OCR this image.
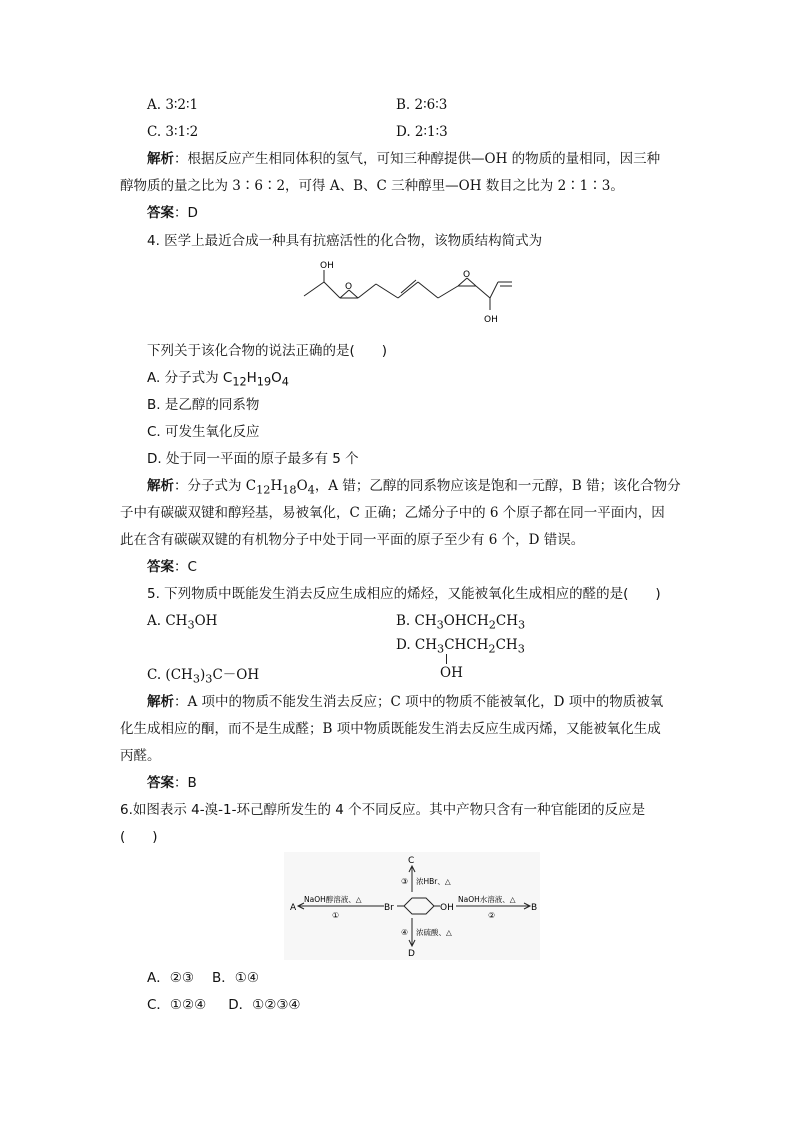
A. 3∶2∶1	B. 2∶6∶3
C. 3∶1∶2	D. 2∶1∶3
解析：根据反应产生相同体积的氢气，可知三种醇提供—OH 的物质的量相同，因三种
醇物质的量之比为 3∶6∶2，可得 A、B、C 三种醇里—OH 数目之比为 2∶1∶3。
答案：D
4. 医学上最近合成一种具有抗癌活性的化合物，该物质结构简式为
OH
O
O
OH
下列关于该化合物的说法正确的是(　　)
A. 分子式为 $C_{12}H_{19}O_4$
B. 是乙醇的同系物
C. 可发生氧化反应
D. 处于同一平面的原子最多有 5 个
解析：分子式为 $C_{12}H_{18}O_4$，A 错；乙醇的同系物应该是饱和一元醇，B 错；该化合物分
子中有碳碳双键和醇羟基，易被氧化，C 正确；乙烯分子中的 6 个原子都在同一平面内，因
此在含有碳碳双键的有机物分子中处于同一平面的原子至少有 6 个，D 错误。
答案：C
5. 下列物质中既能发生消去反应生成相应的烯烃，又能被氧化生成相应的醛的是(　　)
A. $CH_3OH$	B. $CH_3OHCH_2CH_3$
D. $CH_3CHCH_2CH_3$
OH
C. $(CH_3)_3C-OH$
解析：A 项中的物质不能发生消去反应；C 项中的物质不能被氧化，D 项中的物质被氧
化生成相应的酮，而不是生成醛；B 项中物质既能发生消去反应生成丙烯，又能被氧化生成
丙醛。
答案：B
6.如图表示 4-溴-1-环己醇所发生的 4 个不同反应。其中产物只含有一种官能团的反应是
(　　)
A	B
C
D
Br	OH
NaOH醇溶液、△
①
NaOH水溶液、△
②
浓HBr、△
③
浓硫酸、△
④
A．②③ B．①④
C．①②④ D．①②③④
